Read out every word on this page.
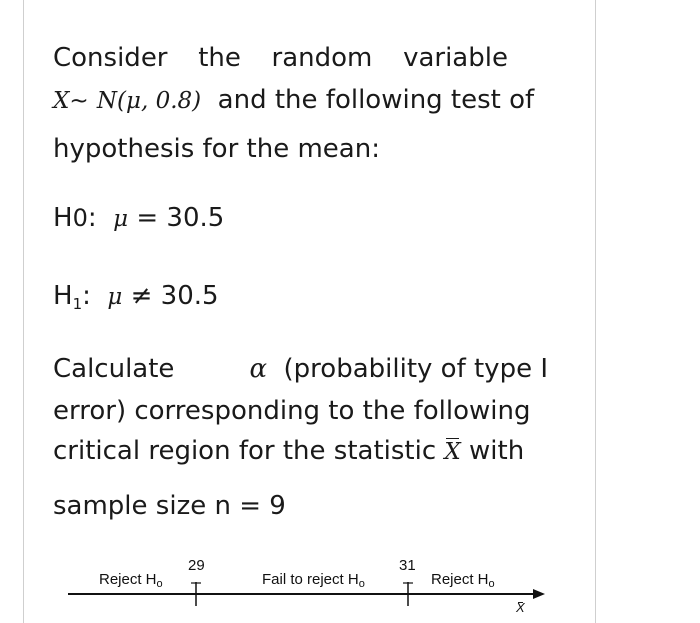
Consider the random variable
X~ N(μ, 0.8) and the following test of
hypothesis for the mean:
H0: μ = 30.5
$H_1$: μ ≠ 30.5
Calculate	α (probability of type I
error) corresponding to the following
critical region for the statistic X with
sample size n = 9
Reject $H_o$
29
Fail to reject $H_o$
31
Reject $H_o$
X
